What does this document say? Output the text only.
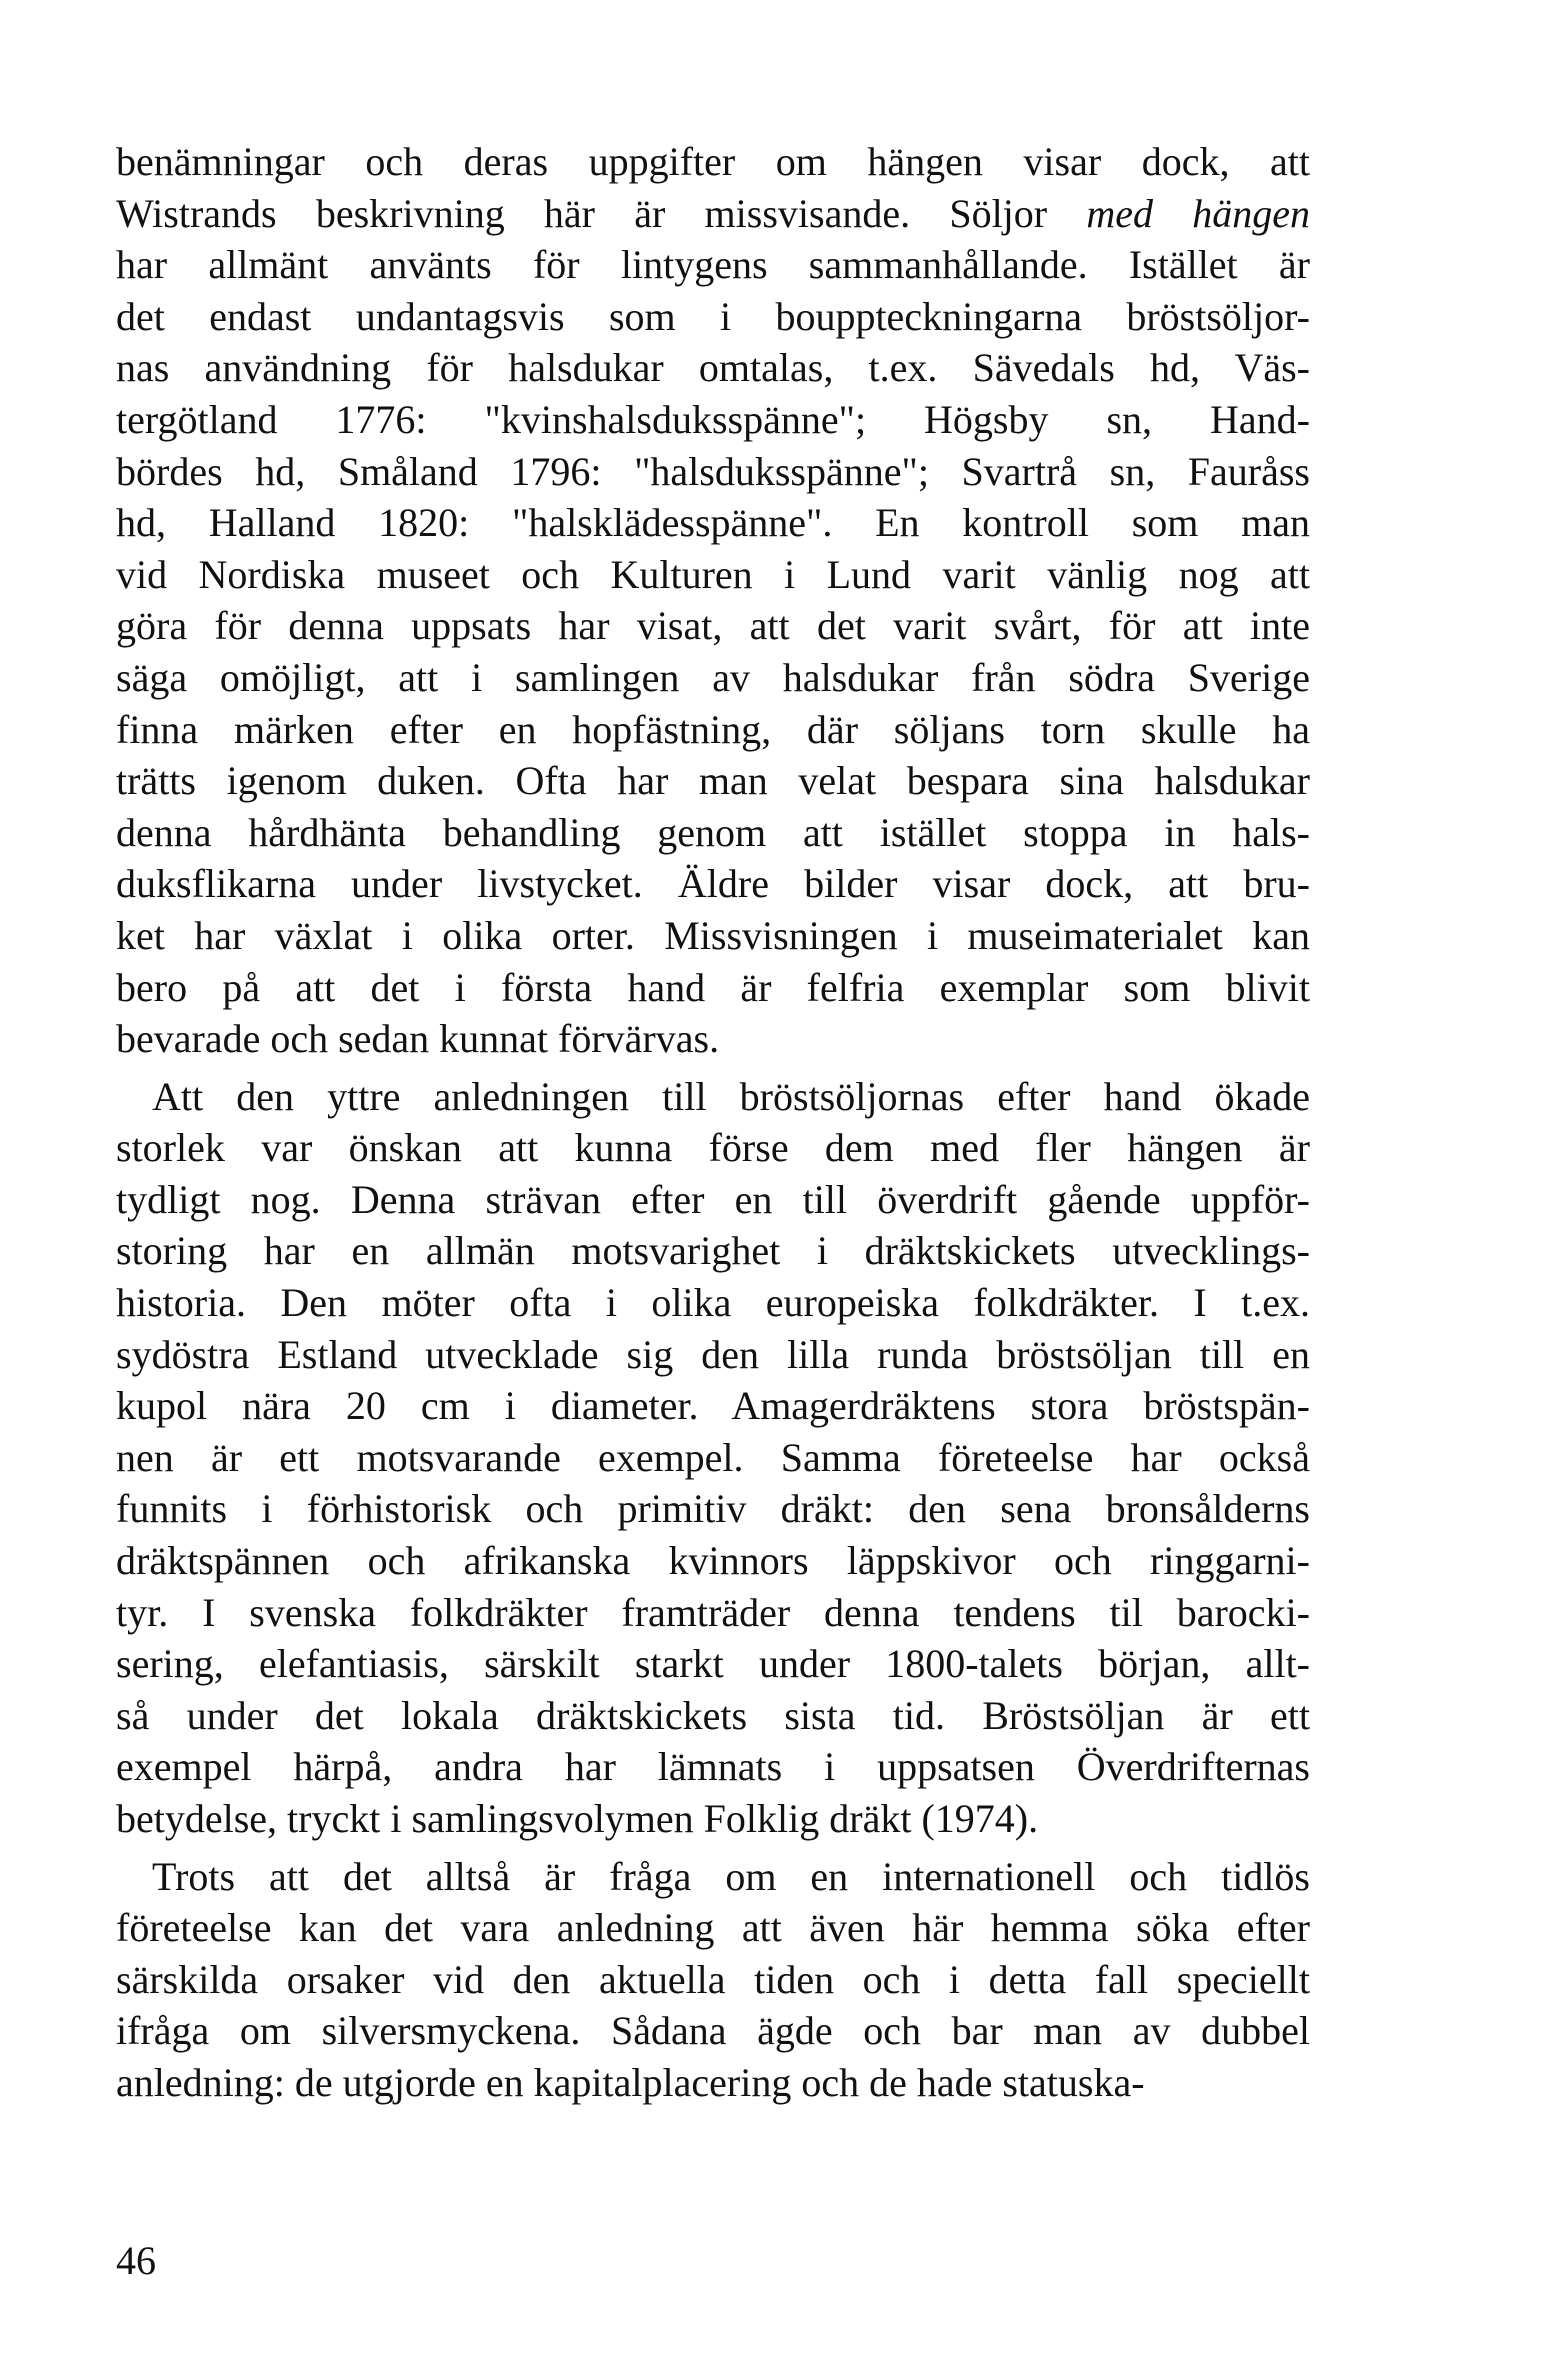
benämningar och deras uppgifter om hängen visar dock, att
Wistrands beskrivning här är missvisande. Söljor med hängen
har allmänt använts för lintygens sammanhållande. Istället är
det endast undantagsvis som i bouppteckningarna bröstsöljor-
nas användning för halsdukar omtalas, t.ex. Sävedals hd, Väs-
tergötland 1776: "kvinshalsduksspänne"; Högsby sn, Hand-
bördes hd, Småland 1796: "halsduksspänne"; Svartrå sn, Fauråss
hd, Halland 1820: "halsklädesspänne". En kontroll som man
vid Nordiska museet och Kulturen i Lund varit vänlig nog att
göra för denna uppsats har visat, att det varit svårt, för att inte
säga omöjligt, att i samlingen av halsdukar från södra Sverige
finna märken efter en hopfästning, där söljans torn skulle ha
trätts igenom duken. Ofta har man velat bespara sina halsdukar
denna hårdhänta behandling genom att istället stoppa in hals-
duksflikarna under livstycket. Äldre bilder visar dock, att bru-
ket har växlat i olika orter. Missvisningen i museimaterialet kan
bero på att det i första hand är felfria exemplar som blivit
bevarade och sedan kunnat förvärvas.
Att den yttre anledningen till bröstsöljornas efter hand ökade
storlek var önskan att kunna förse dem med fler hängen är
tydligt nog. Denna strävan efter en till överdrift gående uppför-
storing har en allmän motsvarighet i dräktskickets utvecklings-
historia. Den möter ofta i olika europeiska folkdräkter. I t.ex.
sydöstra Estland utvecklade sig den lilla runda bröstsöljan till en
kupol nära 20 cm i diameter. Amagerdräktens stora bröstspän-
nen är ett motsvarande exempel. Samma företeelse har också
funnits i förhistorisk och primitiv dräkt: den sena bronsålderns
dräktspännen och afrikanska kvinnors läppskivor och ringgarni-
tyr. I svenska folkdräkter framträder denna tendens til barocki-
sering, elefantiasis, särskilt starkt under 1800-talets början, allt-
så under det lokala dräktskickets sista tid. Bröstsöljan är ett
exempel härpå, andra har lämnats i uppsatsen Överdrifternas
betydelse, tryckt i samlingsvolymen Folklig dräkt (1974).
Trots att det alltså är fråga om en internationell och tidlös
företeelse kan det vara anledning att även här hemma söka efter
särskilda orsaker vid den aktuella tiden och i detta fall speciellt
ifråga om silversmyckena. Sådana ägde och bar man av dubbel
anledning: de utgjorde en kapitalplacering och de hade statuska-
46
